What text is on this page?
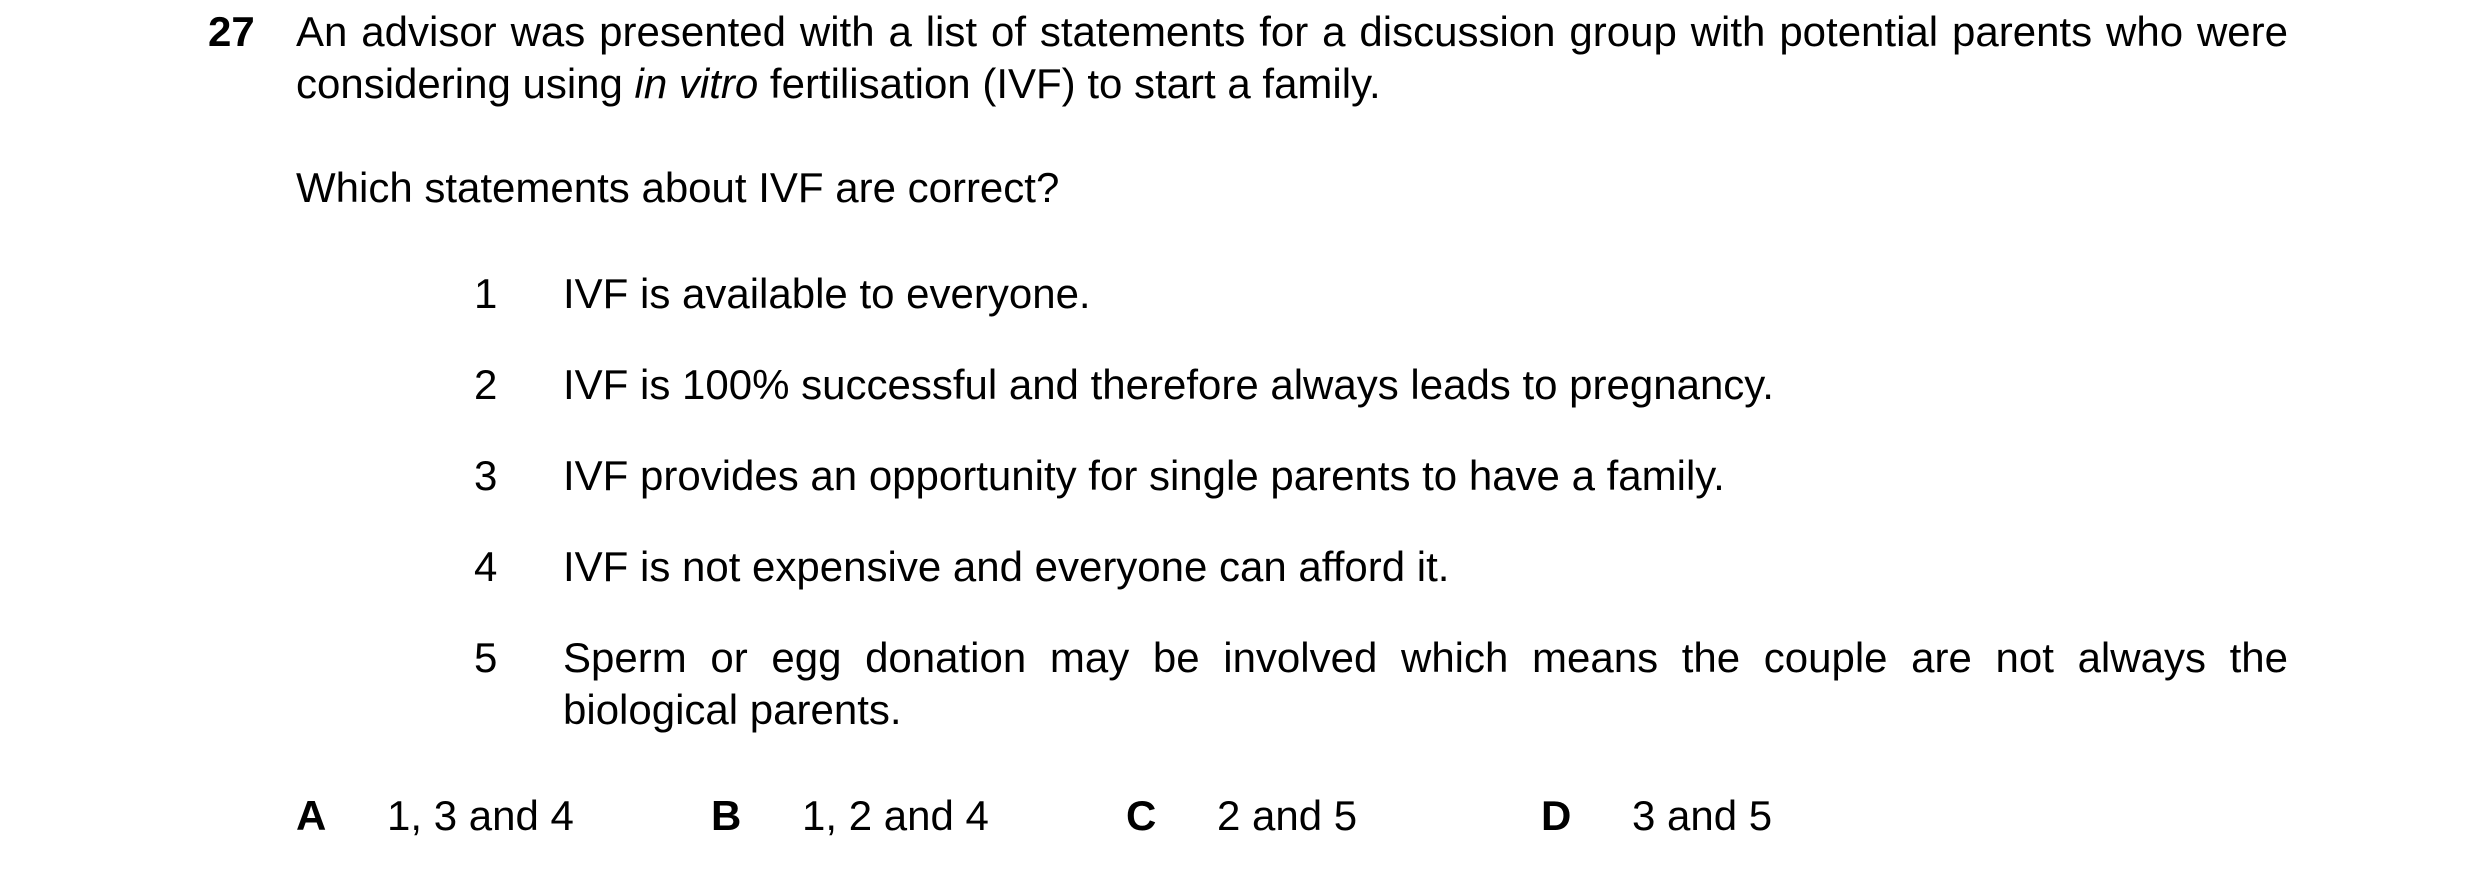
27 An advisor was presented with a list of statements for a discussion group with potential parents who were considering using in vitro fertilisation (IVF) to start a family.
Which statements about IVF are correct?
1 IVF is available to everyone.
2 IVF is 100% successful and therefore always leads to pregnancy.
3 IVF provides an opportunity for single parents to have a family.
4 IVF is not expensive and everyone can afford it.
5 Sperm or egg donation may be involved which means the couple are not always the biological parents.
A 1, 3 and 4	B 1, 2 and 4	C 2 and 5	D 3 and 5
